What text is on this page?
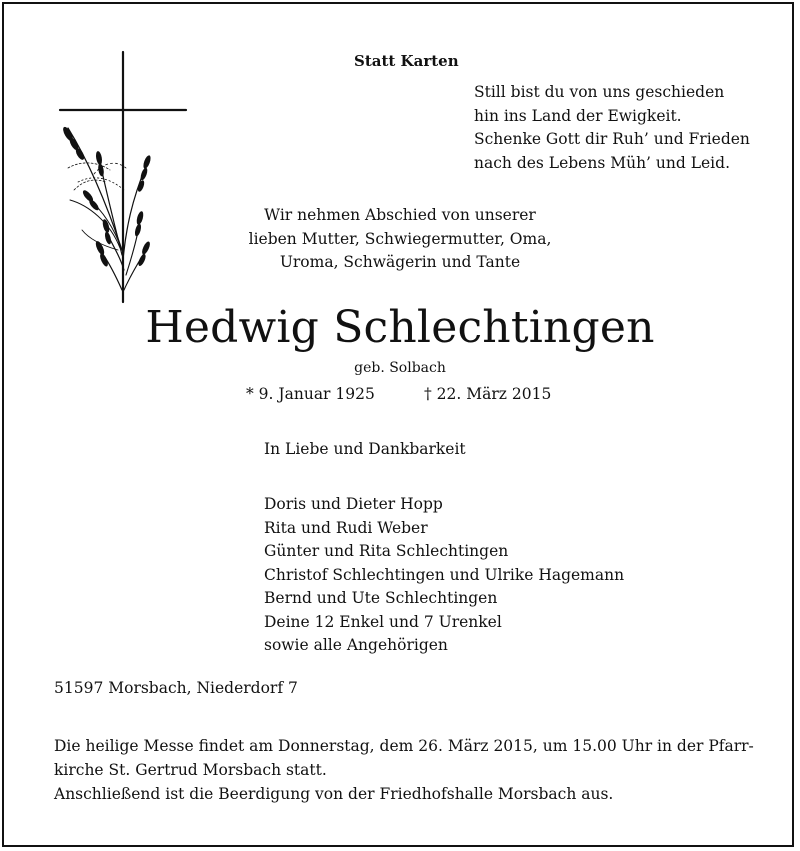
Statt Karten
Still bist du von uns geschieden
hin ins Land der Ewigkeit.
Schenke Gott dir Ruh’ und Frieden
nach des Lebens Müh’ und Leid.
Wir nehmen Abschied von unserer
lieben Mutter, Schwiegermutter, Oma,
Uroma, Schwägerin und Tante
Hedwig Schlechtingen
geb. Solbach
* 9. Januar 1925	† 22. März 2015
In Liebe und Dankbarkeit
Doris und Dieter Hopp
Rita und Rudi Weber
Günter und Rita Schlechtingen
Christof Schlechtingen und Ulrike Hagemann
Bernd und Ute Schlechtingen
Deine 12 Enkel und 7 Urenkel
sowie alle Angehörigen
51597 Morsbach, Niederdorf 7
Die heilige Messe findet am Donnerstag, dem 26. März 2015, um 15.00 Uhr in der Pfarr-
kirche St. Gertrud Morsbach statt.
Anschließend ist die Beerdigung von der Friedhofshalle Morsbach aus.
